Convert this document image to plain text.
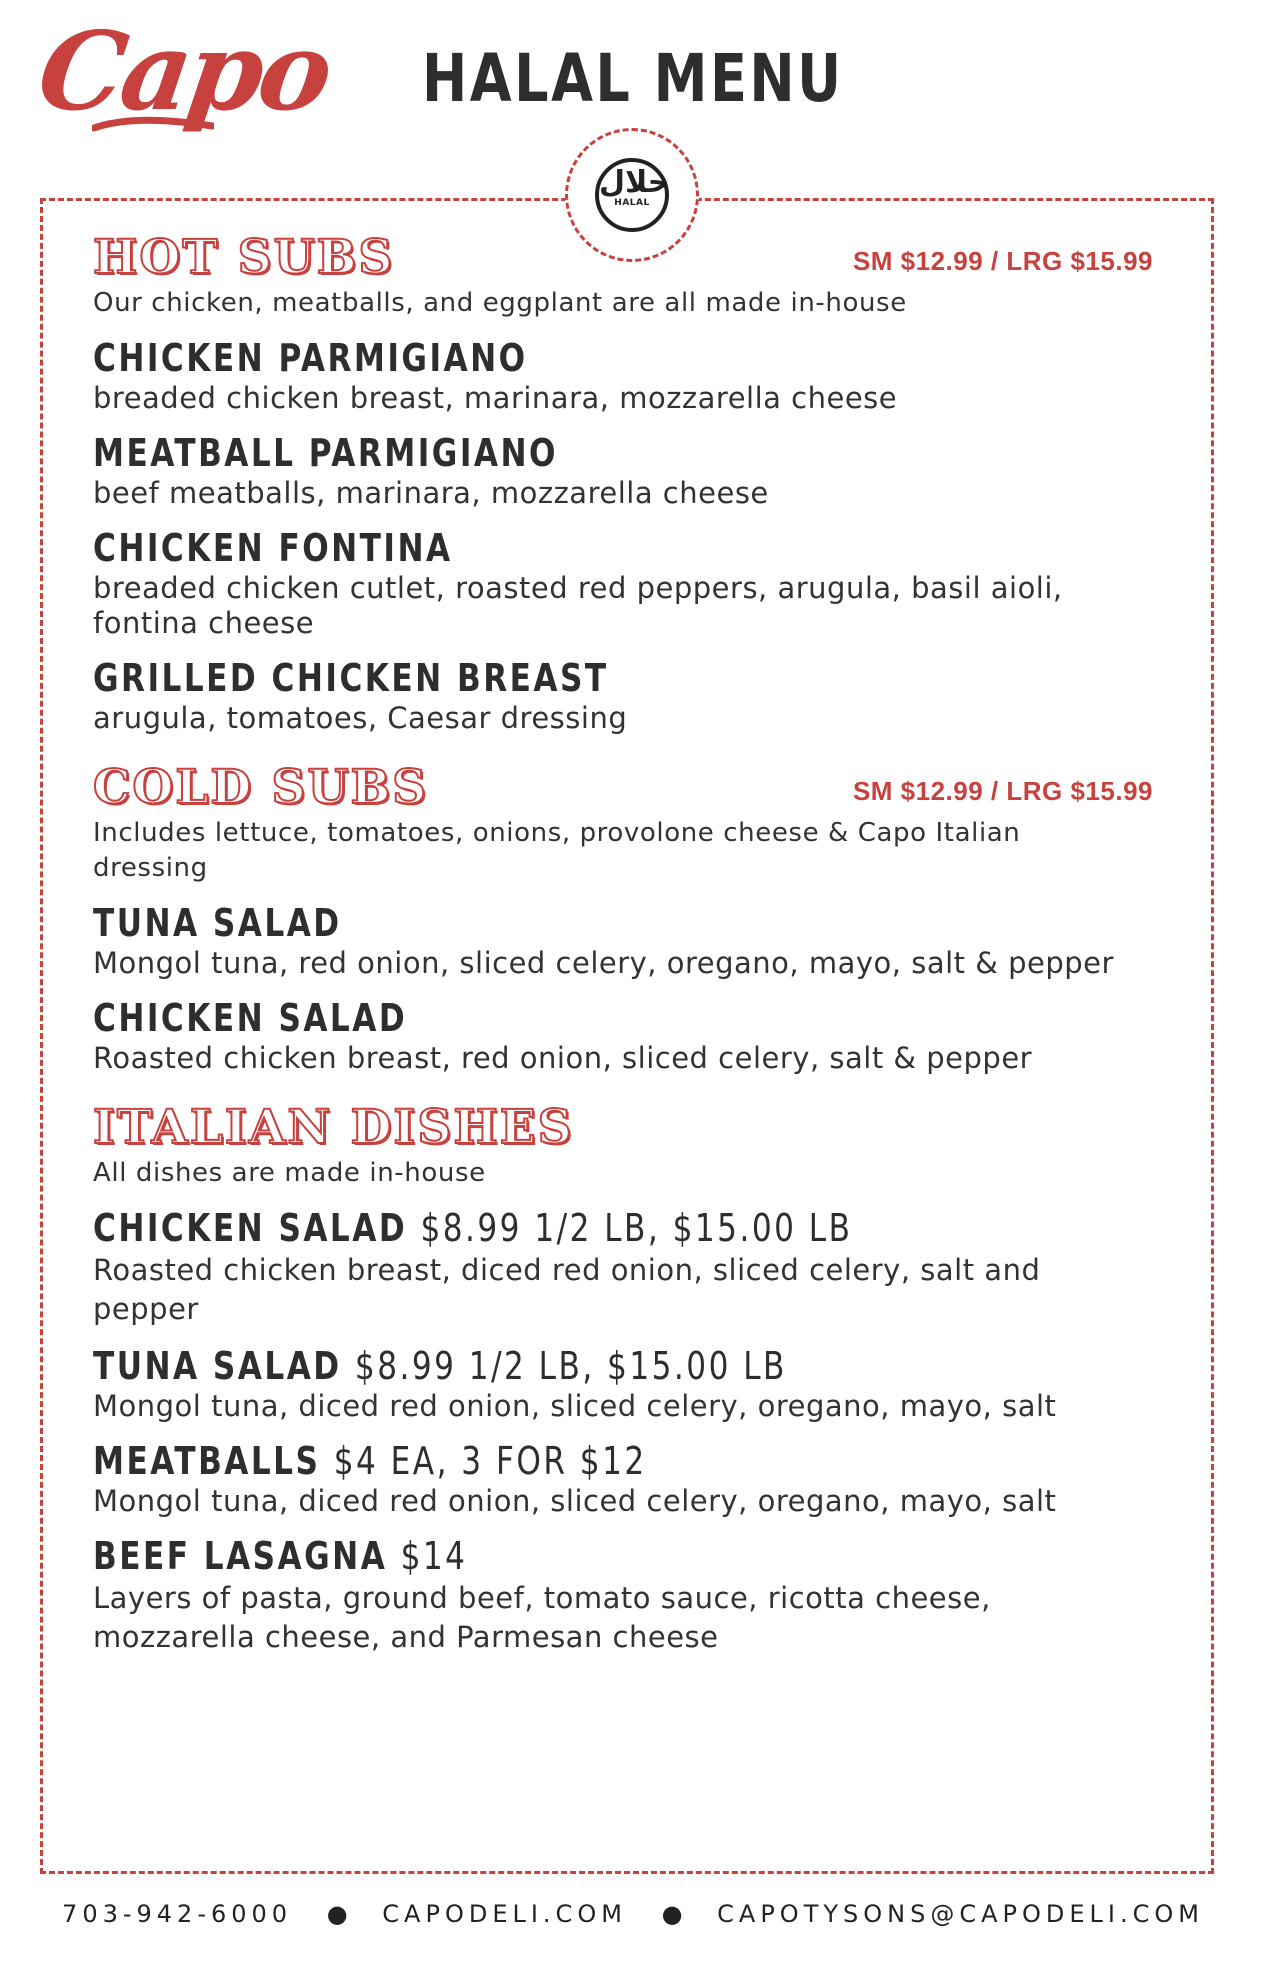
Capo	HALAL MENU
حلال
HALAL
HOT SUBS	SM $12.99 / LRG $15.99
Our chicken, meatballs, and eggplant are all made in-house
CHICKEN PARMIGIANO
breaded chicken breast, marinara, mozzarella cheese
MEATBALL PARMIGIANO
beef meatballs, marinara, mozzarella cheese
CHICKEN FONTINA
breaded chicken cutlet, roasted red peppers, arugula, basil aioli, fontina cheese
GRILLED CHICKEN BREAST
arugula, tomatoes, Caesar dressing
COLD SUBS	SM $12.99 / LRG $15.99
Includes lettuce, tomatoes, onions, provolone cheese & Capo Italian dressing
TUNA SALAD
Mongol tuna, red onion, sliced celery, oregano, mayo, salt & pepper
CHICKEN SALAD
Roasted chicken breast, red onion, sliced celery, salt & pepper
ITALIAN DISHES
All dishes are made in-house
CHICKEN SALAD $8.99 1/2 LB, $15.00 LB
Roasted chicken breast, diced red onion, sliced celery, salt and pepper
TUNA SALAD $8.99 1/2 LB, $15.00 LB
Mongol tuna, diced red onion, sliced celery, oregano, mayo, salt
MEATBALLS $4 EA, 3 FOR $12
Mongol tuna, diced red onion, sliced celery, oregano, mayo, salt
BEEF LASAGNA $14
Layers of pasta, ground beef, tomato sauce, ricotta cheese, mozzarella cheese, and Parmesan cheese
703-942-6000 ● CAPODELI.COM ● CAPOTYSONS@CAPODELI.COM
